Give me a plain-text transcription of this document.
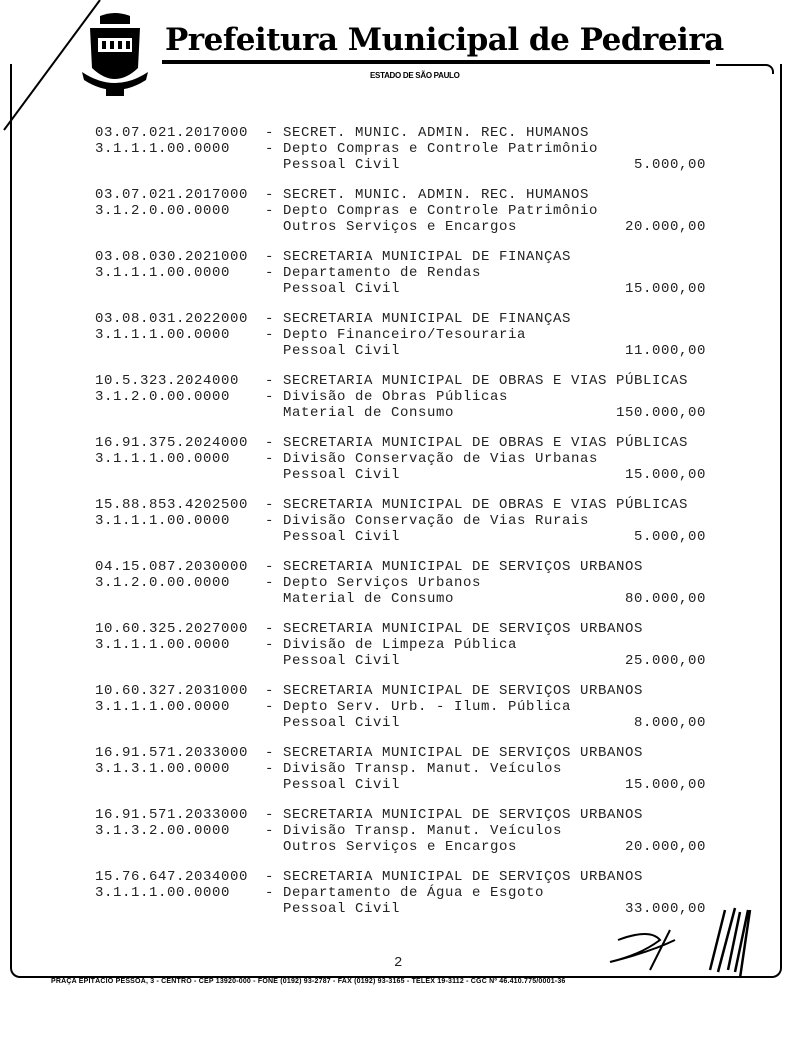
Prefeitura Municipal de Pedreira
ESTADO DE SÃO PAULO
03.07.021.2017000 - SECRET. MUNIC. ADMIN. REC. HUMANOS
3.1.1.1.00.0000 - Depto Compras e Controle Patrimônio
Pessoal Civil	5.000,00
03.07.021.2017000 - SECRET. MUNIC. ADMIN. REC. HUMANOS
3.1.2.0.00.0000 - Depto Compras e Controle Patrimônio
Outros Serviços e Encargos	20.000,00
03.08.030.2021000 - SECRETARIA MUNICIPAL DE FINANÇAS
3.1.1.1.00.0000 - Departamento de Rendas
Pessoal Civil	15.000,00
03.08.031.2022000 - SECRETARIA MUNICIPAL DE FINANÇAS
3.1.1.1.00.0000 - Depto Financeiro/Tesouraria
Pessoal Civil	11.000,00
10.5.323.2024000 - SECRETARIA MUNICIPAL DE OBRAS E VIAS PÚBLICAS
3.1.2.0.00.0000 - Divisão de Obras Públicas
Material de Consumo	150.000,00
16.91.375.2024000 - SECRETARIA MUNICIPAL DE OBRAS E VIAS PÚBLICAS
3.1.1.1.00.0000 - Divisão Conservação de Vias Urbanas
Pessoal Civil	15.000,00
15.88.853.4202500 - SECRETARIA MUNICIPAL DE OBRAS E VIAS PÚBLICAS
3.1.1.1.00.0000 - Divisão Conservação de Vias Rurais
Pessoal Civil	5.000,00
04.15.087.2030000 - SECRETARIA MUNICIPAL DE SERVIÇOS URBANOS
3.1.2.0.00.0000 - Depto Serviços Urbanos
Material de Consumo	80.000,00
10.60.325.2027000 - SECRETARIA MUNICIPAL DE SERVIÇOS URBANOS
3.1.1.1.00.0000 - Divisão de Limpeza Pública
Pessoal Civil	25.000,00
10.60.327.2031000 - SECRETARIA MUNICIPAL DE SERVIÇOS URBANOS
3.1.1.1.00.0000 - Depto Serv. Urb. - Ilum. Pública
Pessoal Civil	8.000,00
16.91.571.2033000 - SECRETARIA MUNICIPAL DE SERVIÇOS URBANOS
3.1.3.1.00.0000 - Divisão Transp. Manut. Veículos
Pessoal Civil	15.000,00
16.91.571.2033000 - SECRETARIA MUNICIPAL DE SERVIÇOS URBANOS
3.1.3.2.00.0000 - Divisão Transp. Manut. Veículos
Outros Serviços e Encargos	20.000,00
15.76.647.2034000 - SECRETARIA MUNICIPAL DE SERVIÇOS URBANOS
3.1.1.1.00.0000 - Departamento de Água e Esgoto
Pessoal Civil	33.000,00
2
PRAÇA EPITÁCIO PESSOA, 3 - CENTRO - CEP 13920-000 - FONE (0192) 93-2787 - FAX (0192) 93-3165 - TELEX 19-3112 - CGC Nº 46.410.775/0001-36
